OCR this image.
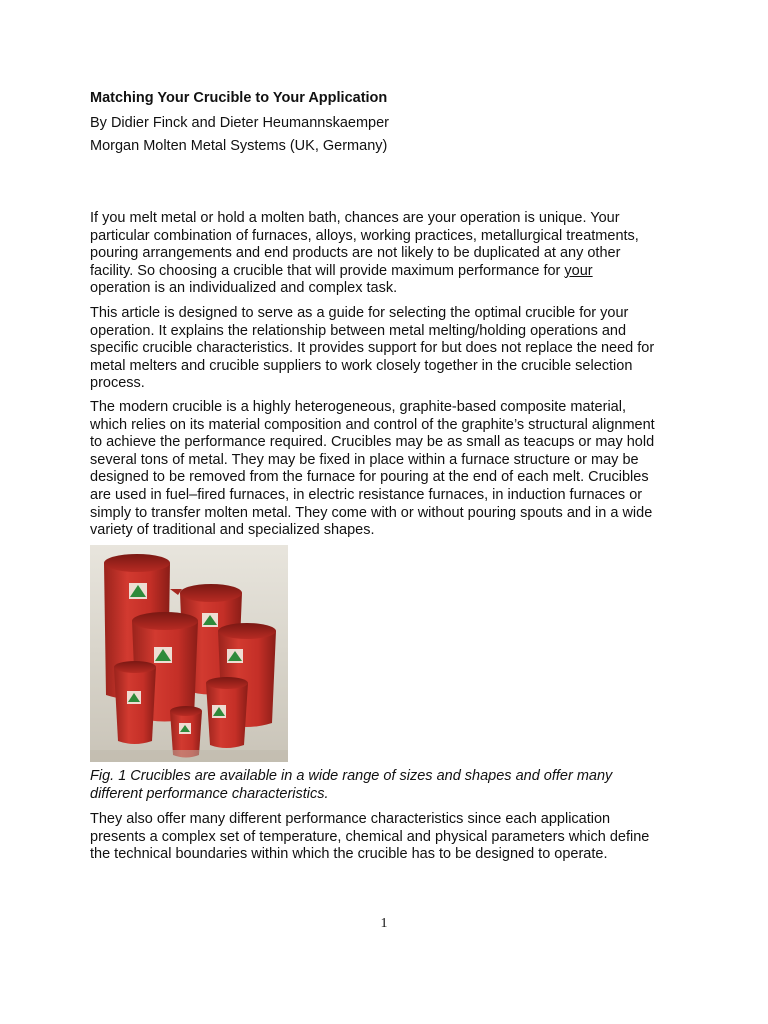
Matching Your Crucible to Your Application
By Didier Finck and Dieter Heumannskaemper
Morgan Molten Metal Systems (UK, Germany)
If you melt metal or hold a molten bath, chances are your operation is unique. Your
particular combination of furnaces, alloys, working practices, metallurgical treatments,
pouring arrangements and end products are not likely to be duplicated at any other
facility. So choosing a crucible that will provide maximum performance for your
operation is an individualized and complex task.
This article is designed to serve as a guide for selecting the optimal crucible for your
operation. It explains the relationship between metal melting/holding operations and
specific crucible characteristics. It provides support for but does not replace the need for
metal melters and crucible suppliers to work closely together in the crucible selection
process.
The modern crucible is a highly heterogeneous, graphite-based composite material,
which relies on its material composition and control of the graphite’s structural alignment
to achieve the performance required. Crucibles may be as small as teacups or may hold
several tons of metal. They may be fixed in place within a furnace structure or may be
designed to be removed from the furnace for pouring at the end of each melt. Crucibles
are used in fuel–fired furnaces, in electric resistance furnaces, in induction furnaces or
simply to transfer molten metal. They come with or without pouring spouts and in a wide
variety of traditional and specialized shapes.
Fig. 1 Crucibles are available in a wide range of sizes and shapes and offer many
different performance characteristics.
They also offer many different performance characteristics since each application
presents a complex set of temperature, chemical and physical parameters which define
the technical boundaries within which the crucible has to be designed to operate.
1
